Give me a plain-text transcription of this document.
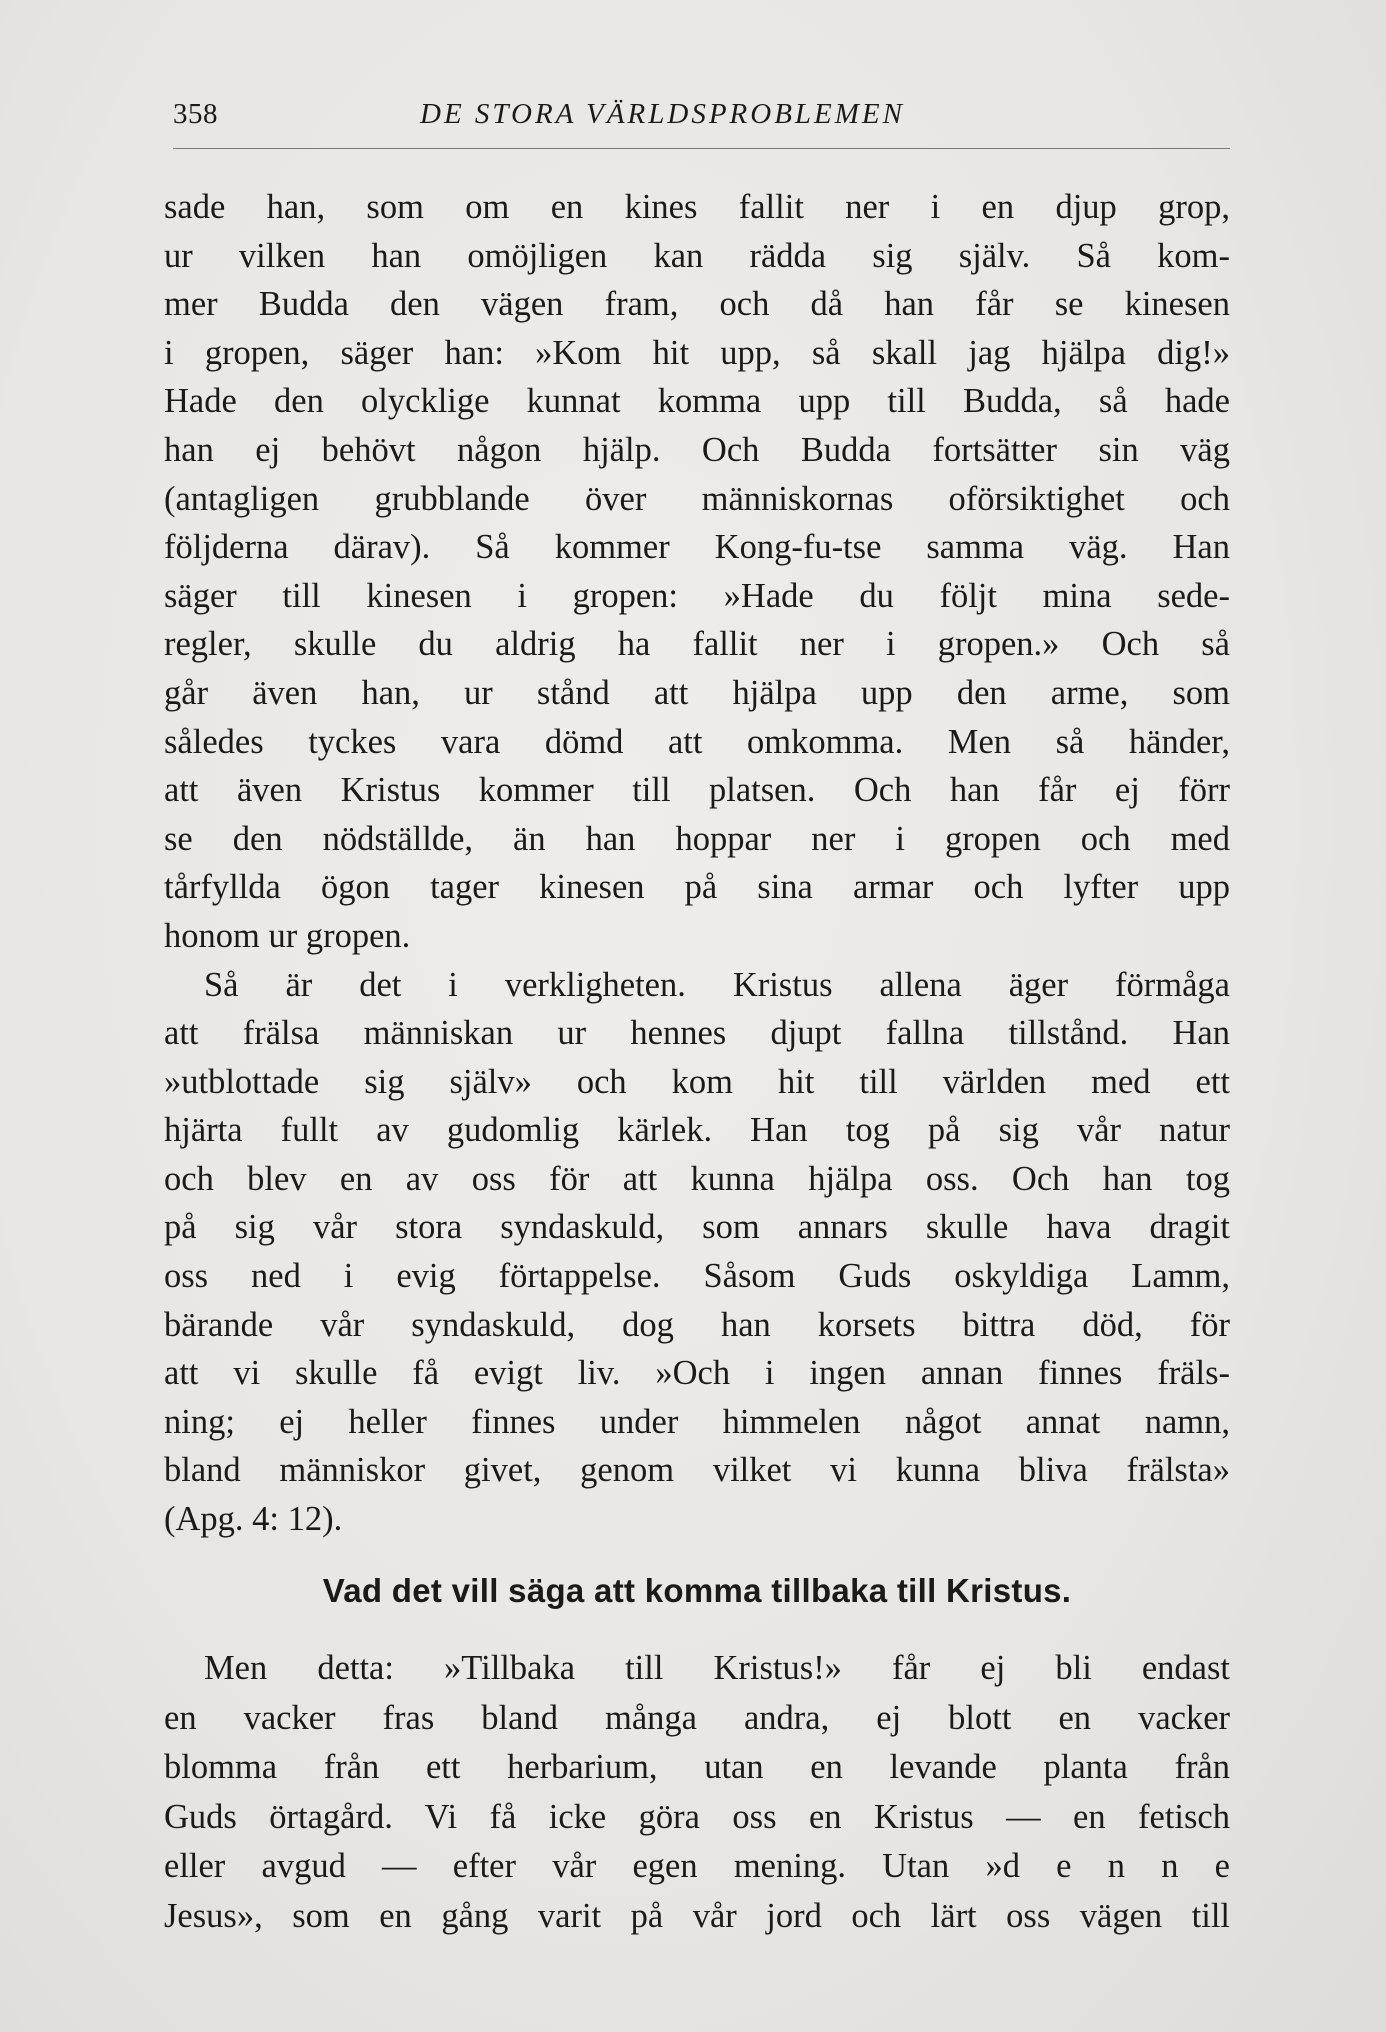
358	DE STORA VÄRLDSPROBLEMEN
sade han, som om en kines fallit ner i en djup grop,
ur vilken han omöjligen kan rädda sig själv. Så kom-
mer Budda den vägen fram, och då han får se kinesen
i gropen, säger han: »Kom hit upp, så skall jag hjälpa dig!»
Hade den olycklige kunnat komma upp till Budda, så hade
han ej behövt någon hjälp. Och Budda fortsätter sin väg
(antagligen grubblande över människornas oförsiktighet och
följderna därav). Så kommer Kong-fu-tse samma väg. Han
säger till kinesen i gropen: »Hade du följt mina sede-
regler, skulle du aldrig ha fallit ner i gropen.» Och så
går även han, ur stånd att hjälpa upp den arme, som
således tyckes vara dömd att omkomma. Men så händer,
att även Kristus kommer till platsen. Och han får ej förr
se den nödställde, än han hoppar ner i gropen och med
tårfyllda ögon tager kinesen på sina armar och lyfter upp
honom ur gropen.
Så är det i verkligheten. Kristus allena äger förmåga
att frälsa människan ur hennes djupt fallna tillstånd. Han
»utblottade sig själv» och kom hit till världen med ett
hjärta fullt av gudomlig kärlek. Han tog på sig vår natur
och blev en av oss för att kunna hjälpa oss. Och han tog
på sig vår stora syndaskuld, som annars skulle hava dragit
oss ned i evig förtappelse. Såsom Guds oskyldiga Lamm,
bärande vår syndaskuld, dog han korsets bittra död, för
att vi skulle få evigt liv. »Och i ingen annan finnes fräls-
ning; ej heller finnes under himmelen något annat namn,
bland människor givet, genom vilket vi kunna bliva frälsta»
(Apg. 4: 12).
Vad det vill säga att komma tillbaka till Kristus.
Men detta: »Tillbaka till Kristus!» får ej bli endast
en vacker fras bland många andra, ej blott en vacker
blomma från ett herbarium, utan en levande planta från
Guds örtagård. Vi få icke göra oss en Kristus — en fetisch
eller avgud — efter vår egen mening. Utan »d e n n e
Jesus», som en gång varit på vår jord och lärt oss vägen till
